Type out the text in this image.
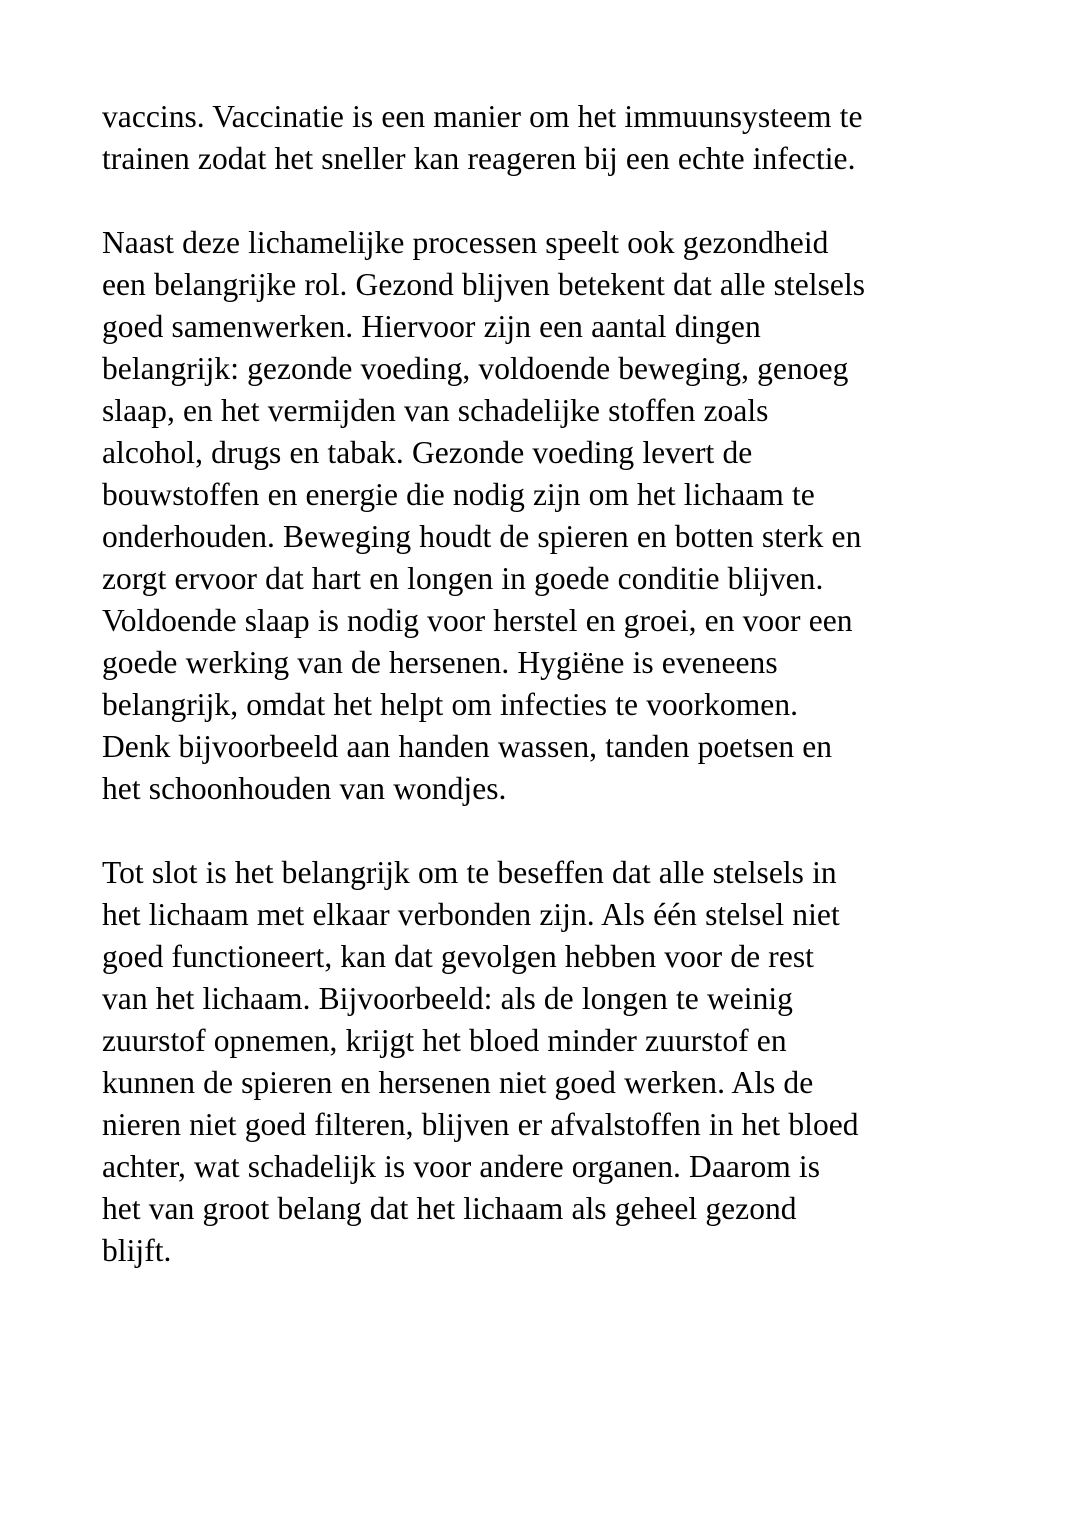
vaccins. Vaccinatie is een manier om het immuunsysteem te
trainen zodat het sneller kan reageren bij een echte infectie.

Naast deze lichamelijke processen speelt ook gezondheid
een belangrijke rol. Gezond blijven betekent dat alle stelsels
goed samenwerken. Hiervoor zijn een aantal dingen
belangrijk: gezonde voeding, voldoende beweging, genoeg
slaap, en het vermijden van schadelijke stoffen zoals
alcohol, drugs en tabak. Gezonde voeding levert de
bouwstoffen en energie die nodig zijn om het lichaam te
onderhouden. Beweging houdt de spieren en botten sterk en
zorgt ervoor dat hart en longen in goede conditie blijven.
Voldoende slaap is nodig voor herstel en groei, en voor een
goede werking van de hersenen. Hygiëne is eveneens
belangrijk, omdat het helpt om infecties te voorkomen.
Denk bijvoorbeeld aan handen wassen, tanden poetsen en
het schoonhouden van wondjes.

Tot slot is het belangrijk om te beseffen dat alle stelsels in
het lichaam met elkaar verbonden zijn. Als één stelsel niet
goed functioneert, kan dat gevolgen hebben voor de rest
van het lichaam. Bijvoorbeeld: als de longen te weinig
zuurstof opnemen, krijgt het bloed minder zuurstof en
kunnen de spieren en hersenen niet goed werken. Als de
nieren niet goed filteren, blijven er afvalstoffen in het bloed
achter, wat schadelijk is voor andere organen. Daarom is
het van groot belang dat het lichaam als geheel gezond
blijft.
